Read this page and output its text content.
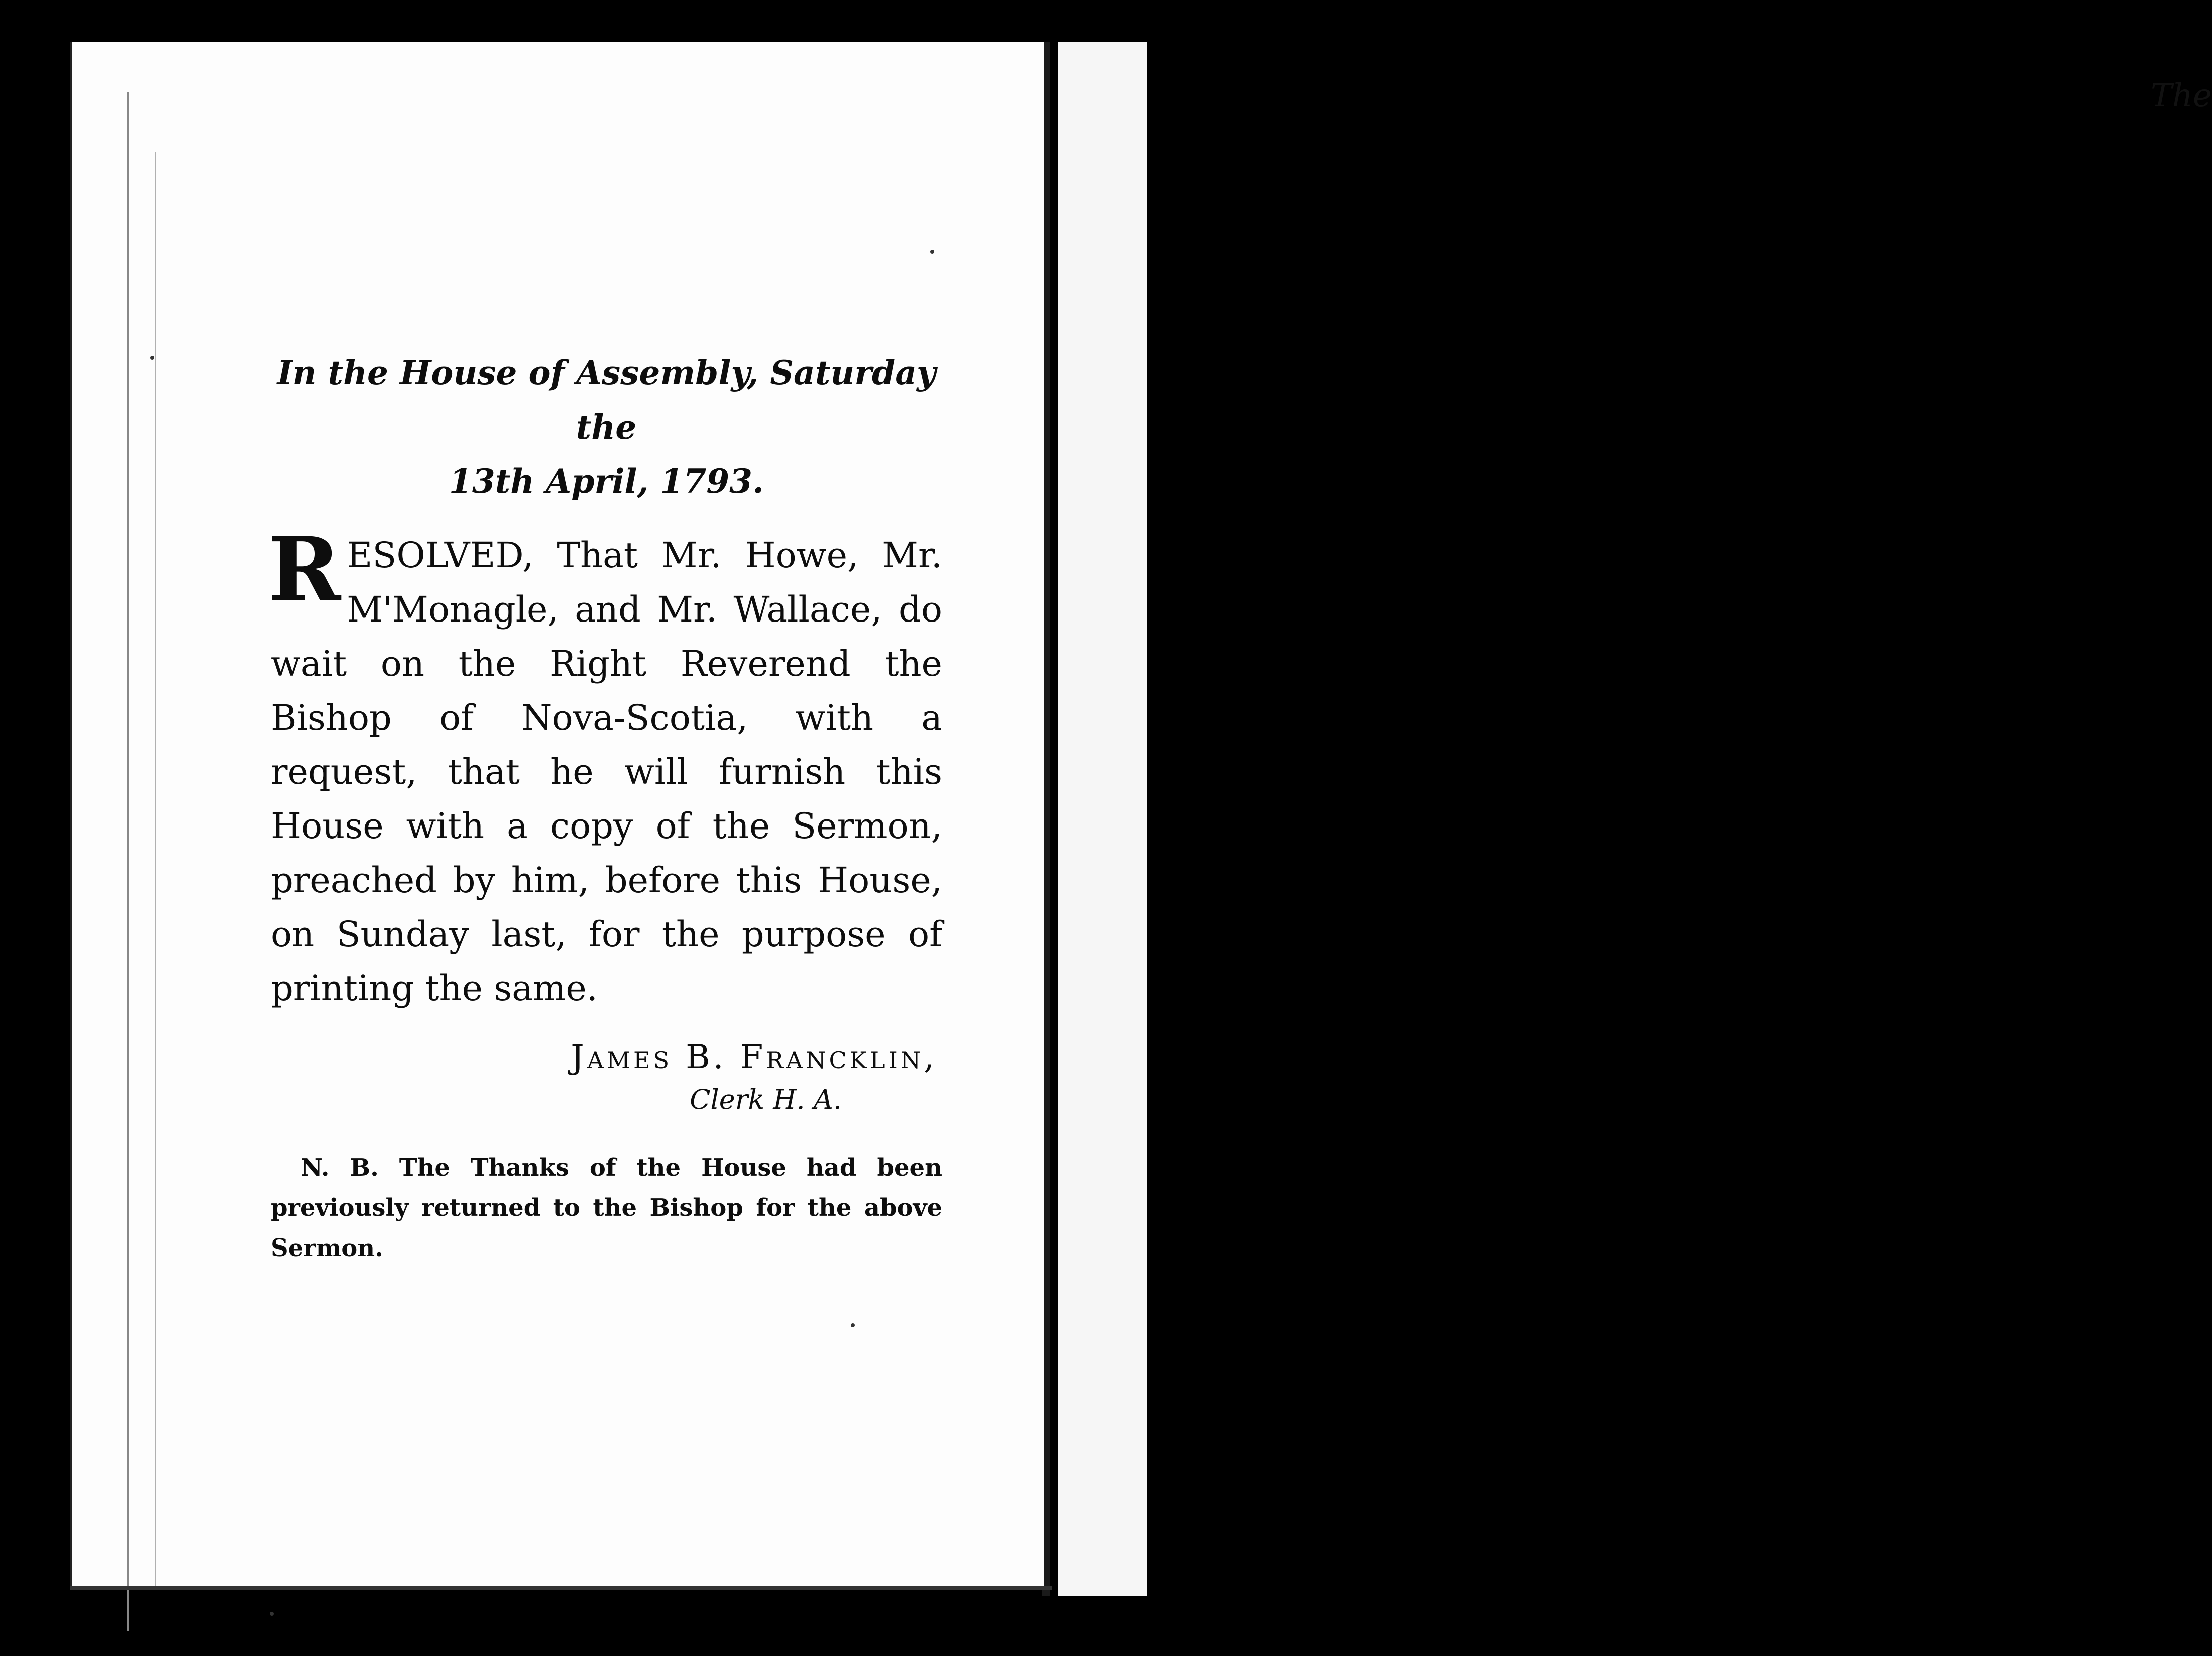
The

In the House of Assembly, Saturday the
13th April, 1793.

RESOLVED, That Mr. Howe, Mr. M'Monagle, and Mr. Wallace, do wait on the Right Reverend the Bishop of Nova-Scotia, with a request, that he will furnish this House with a copy of the Sermon, preached by him, before this House, on Sunday last, for the purpose of printing the same.
James B. Francklin,
Clerk H. A.
N. B. The Thanks of the House had been previously returned to the Bishop for the above Sermon.
